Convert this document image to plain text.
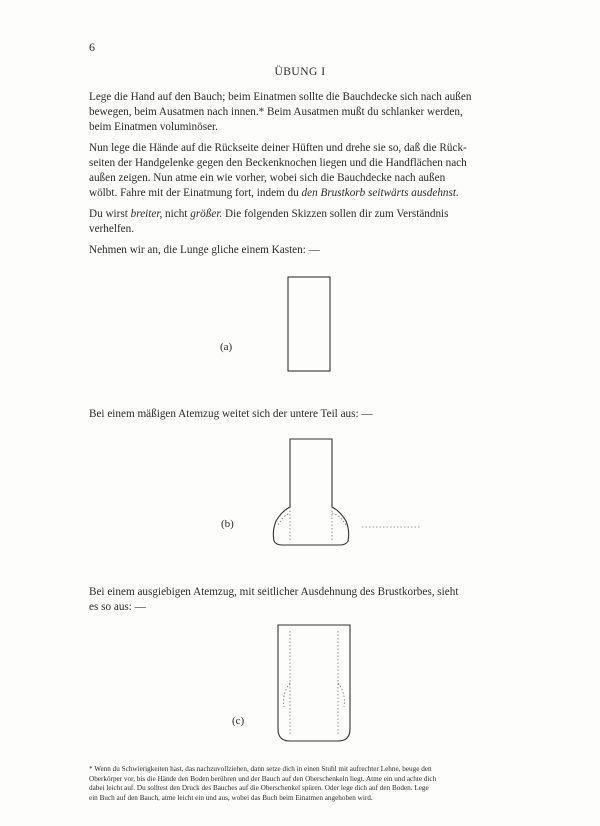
6
ÜBUNG I
Lege die Hand auf den Bauch; beim Einatmen sollte die Bauchdecke sich nach außen
bewegen, beim Ausatmen nach innen.* Beim Ausatmen mußt du schlanker werden,
beim Einatmen voluminöser.
Nun lege die Hände auf die Rückseite deiner Hüften und drehe sie so, daß die Rück-
seiten der Handgelenke gegen den Beckenknochen liegen und die Handflächen nach
außen zeigen. Nun atme ein wie vorher, wobei sich die Bauchdecke nach außen
wölbt. Fahre mit der Einatmung fort, indem du den Brustkorb seitwärts ausdehnst.
Du wirst breiter, nicht größer. Die folgenden Skizzen sollen dir zum Verständnis
verhelfen.
Nehmen wir an, die Lunge gliche einem Kasten: —
(a)
Bei einem mäßigen Atemzug weitet sich der untere Teil aus: —
(b)
Bei einem ausgiebigen Atemzug, mit seitlicher Ausdehnung des Brustkorbes, sieht
es so aus: —
(c)
* Wenn du Schwierigkeiten hast, das nachzuvollziehen, dann setze dich in einen Stuhl mit aufrechter Lehne, beuge den
Oberkörper vor, bis die Hände den Boden berühren und der Bauch auf den Oberschenkeln liegt. Atme ein und achte dich
dabei leicht auf. Du solltest den Druck des Bauches auf die Oberschenkel spüren. Oder lege dich auf den Boden. Lege
ein Buch auf den Bauch, atme leicht ein und aus, wobei das Buch beim Einatmen angehoben wird.
